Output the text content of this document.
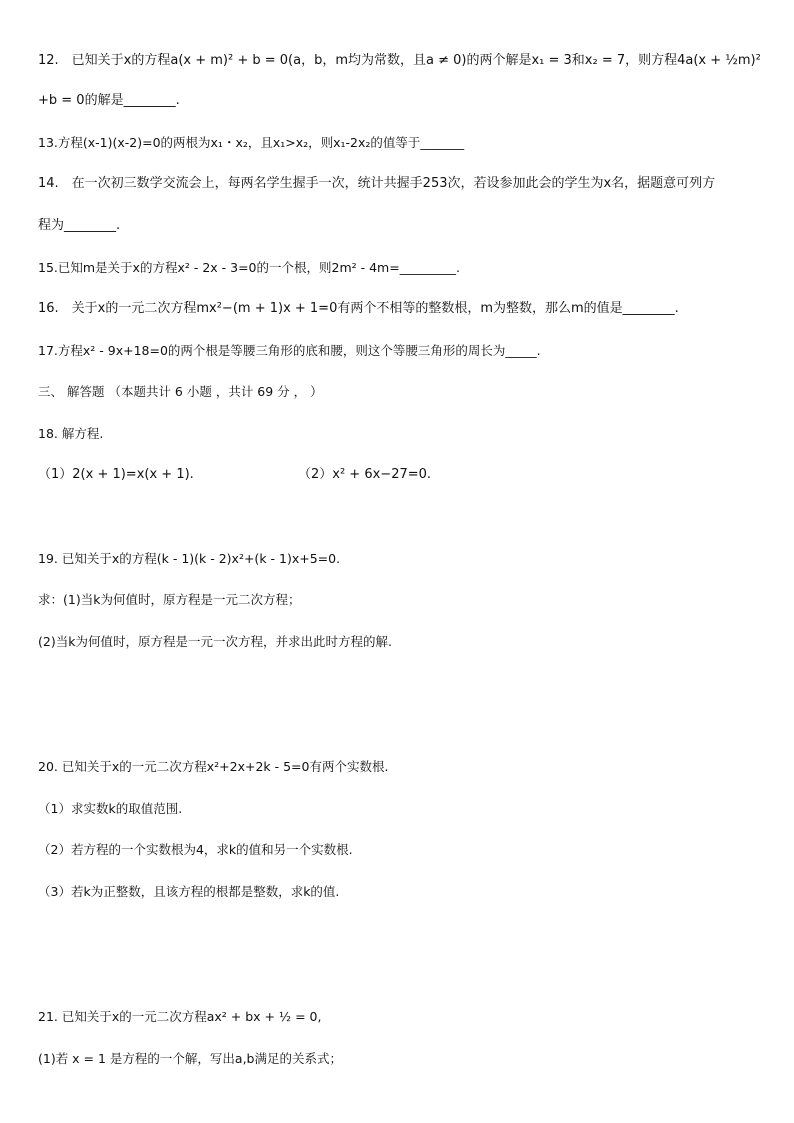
12.　已知关于x的方程a(x + m)² + b = 0(a，b，m均为常数，且a ≠ 0)的两个解是x₁ = 3和x₂ = 7，则方程4a(x + ½m)²
+b = 0的解是________.
13.方程(x-1)(x-2)=0的两根为x₁・x₂，且x₁>x₂，则x₁-2x₂的值等于_______
14.　在一次初三数学交流会上，每两名学生握手一次，统计共握手253次，若设参加此会的学生为x名，据题意可列方
程为________.
15.已知m是关于x的方程x² - 2x - 3=0的一个根，则2m² - 4m=_________.
16.　关于x的一元二次方程mx²−(m + 1)x + 1=0有两个不相等的整数根，m为整数，那么m的值是________.
17.方程x² - 9x+18=0的两个根是等腰三角形的底和腰，则这个等腰三角形的周长为_____.
三、 解答题 （本题共计 6 小题 ，共计 69 分 ， ）
18. 解方程.
（1）2(x + 1)=x(x + 1).	（2）x² + 6x−27=0.
19. 已知关于x的方程(k - 1)(k - 2)x²+(k - 1)x+5=0.
求：(1)当k为何值时，原方程是一元二次方程；
(2)当k为何值时，原方程是一元一次方程，并求出此时方程的解.
20. 已知关于x的一元二次方程x²+2x+2k - 5=0有两个实数根.
（1）求实数k的取值范围.
（2）若方程的一个实数根为4，求k的值和另一个实数根.
（3）若k为正整数，且该方程的根都是整数，求k的值.
21. 已知关于x的一元二次方程ax² + bx + ½ = 0,
(1)若 x = 1 是方程的一个解，写出a,b满足的关系式；
